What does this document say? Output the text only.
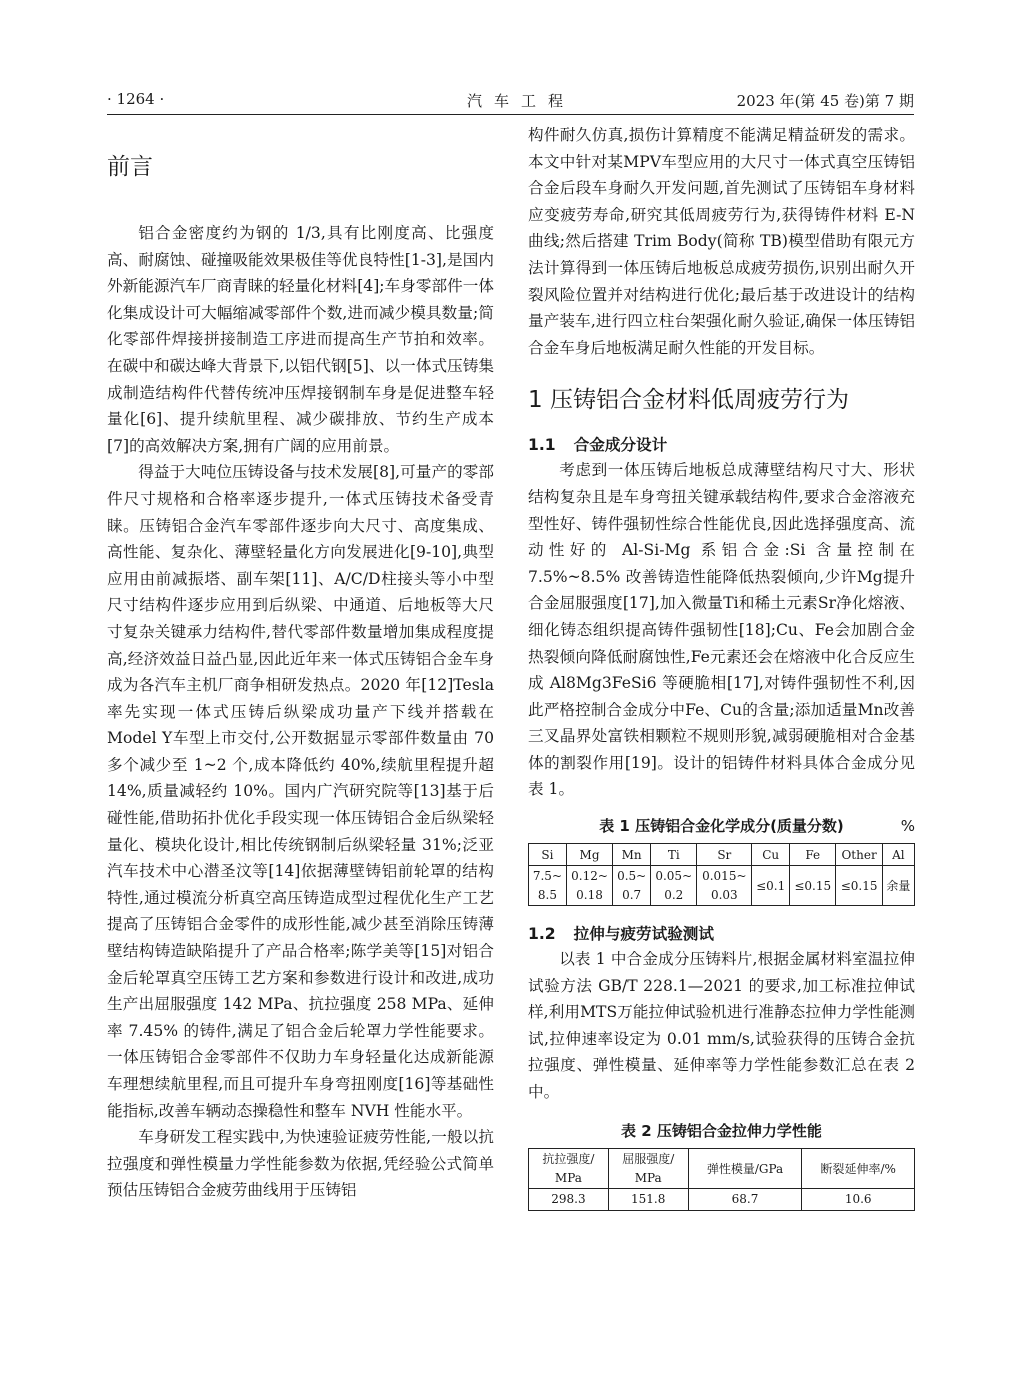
· 1264 ·	汽车工程	2023 年(第 45 卷)第 7 期
前言

铝合金密度约为钢的 1/3,具有比刚度高、比强度高、耐腐蚀、碰撞吸能效果极佳等优良特性[1-3],是国内外新能源汽车厂商青睐的轻量化材料[4];车身零部件一体化集成设计可大幅缩减零部件个数,进而减少模具数量;简化零部件焊接拼接制造工序进而提高生产节拍和效率。在碳中和碳达峰大背景下,以铝代钢[5]、以一体式压铸集成制造结构件代替传统冲压焊接钢制车身是促进整车轻量化[6]、提升续航里程、减少碳排放、节约生产成本[7]的高效解决方案,拥有广阔的应用前景。

得益于大吨位压铸设备与技术发展[8],可量产的零部件尺寸规格和合格率逐步提升,一体式压铸技术备受青睐。压铸铝合金汽车零部件逐步向大尺寸、高度集成、高性能、复杂化、薄壁轻量化方向发展进化[9-10],典型应用由前减振塔、副车架[11]、A/C/D柱接头等小中型尺寸结构件逐步应用到后纵梁、中通道、后地板等大尺寸复杂关键承力结构件,替代零部件数量增加集成程度提高,经济效益日益凸显,因此近年来一体式压铸铝合金车身成为各汽车主机厂商争相研发热点。2020 年[12]Tesla率先实现一体式压铸后纵梁成功量产下线并搭载在Model Y车型上市交付,公开数据显示零部件数量由 70 多个减少至 1~2 个,成本降低约 40%,续航里程提升超 14%,质量减轻约 10%。国内广汽研究院等[13]基于后碰性能,借助拓扑优化手段实现一体压铸铝合金后纵梁轻量化、模块化设计,相比传统钢制后纵梁轻量 31%;泛亚汽车技术中心潜圣汶等[14]依据薄壁铸铝前轮罩的结构特性,通过模流分析真空高压铸造成型过程优化生产工艺提高了压铸铝合金零件的成形性能,减少甚至消除压铸薄壁结构铸造缺陷提升了产品合格率;陈学美等[15]对铝合金后轮罩真空压铸工艺方案和参数进行设计和改进,成功生产出屈服强度 142 MPa、抗拉强度 258 MPa、延伸率 7.45% 的铸件,满足了铝合金后轮罩力学性能要求。一体压铸铝合金零部件不仅助力车身轻量化达成新能源车理想续航里程,而且可提升车身弯扭刚度[16]等基础性能指标,改善车辆动态操稳性和整车 NVH 性能水平。

车身研发工程实践中,为快速验证疲劳性能,一般以抗拉强度和弹性模量力学性能参数为依据,凭经验公式简单预估压铸铝合金疲劳曲线用于压铸铝

构件耐久仿真,损伤计算精度不能满足精益研发的需求。本文中针对某MPV车型应用的大尺寸一体式真空压铸铝合金后段车身耐久开发问题,首先测试了压铸铝车身材料应变疲劳寿命,研究其低周疲劳行为,获得铸件材料 E-N 曲线;然后搭建 Trim Body(简称 TB)模型借助有限元方法计算得到一体压铸后地板总成疲劳损伤,识别出耐久开裂风险位置并对结构进行优化;最后基于改进设计的结构量产装车,进行四立柱台架强化耐久验证,确保一体压铸铝合金车身后地板满足耐久性能的开发目标。

1 压铸铝合金材料低周疲劳行为
1.1 合金成分设计

考虑到一体压铸后地板总成薄壁结构尺寸大、形状结构复杂且是车身弯扭关键承载结构件,要求合金溶液充型性好、铸件强韧性综合性能优良,因此选择强度高、流动性好的 Al-Si-Mg 系铝合金:Si 含量控制在 7.5%~8.5% 改善铸造性能降低热裂倾向,少许Mg提升合金屈服强度[17],加入微量Ti和稀土元素Sr净化熔液、细化铸态组织提高铸件强韧性[18];Cu、Fe会加剧合金热裂倾向降低耐腐蚀性,Fe元素还会在熔液中化合反应生成 Al8Mg3FeSi6 等硬脆相[17],对铸件强韧性不利,因此严格控制合金成分中Fe、Cu的含量;添加适量Mn改善三叉晶界处富铁相颗粒不规则形貌,减弱硬脆相对合金基体的割裂作用[19]。设计的铝铸件材料具体合金成分见表 1。

表 1 压铸铝合金化学成分(质量分数)	%

Si	Mg	Mn	Ti	Sr	Cu	Fe	Other	Al
7.5~	0.12~	0.5~	0.05~	0.015~	≤0.1	≤0.15	≤0.15	余量
8.5	0.18	0.7	0.2	0.03				
1.2 拉伸与疲劳试验测试

以表 1 中合金成分压铸料片,根据金属材料室温拉伸试验方法 GB/T 228.1—2021 的要求,加工标准拉伸试样,利用MTS万能拉伸试验机进行准静态拉伸力学性能测试,拉伸速率设定为 0.01 mm/s,试验获得的压铸合金抗拉强度、弹性模量、延伸率等力学性能参数汇总在表 2 中。

表 2 压铸铝合金拉伸力学性能

抗拉强度/	屈服强度/	弹性模量/GPa	断裂延伸率/%
MPa	MPa		
298.3	151.8	68.7	10.6
